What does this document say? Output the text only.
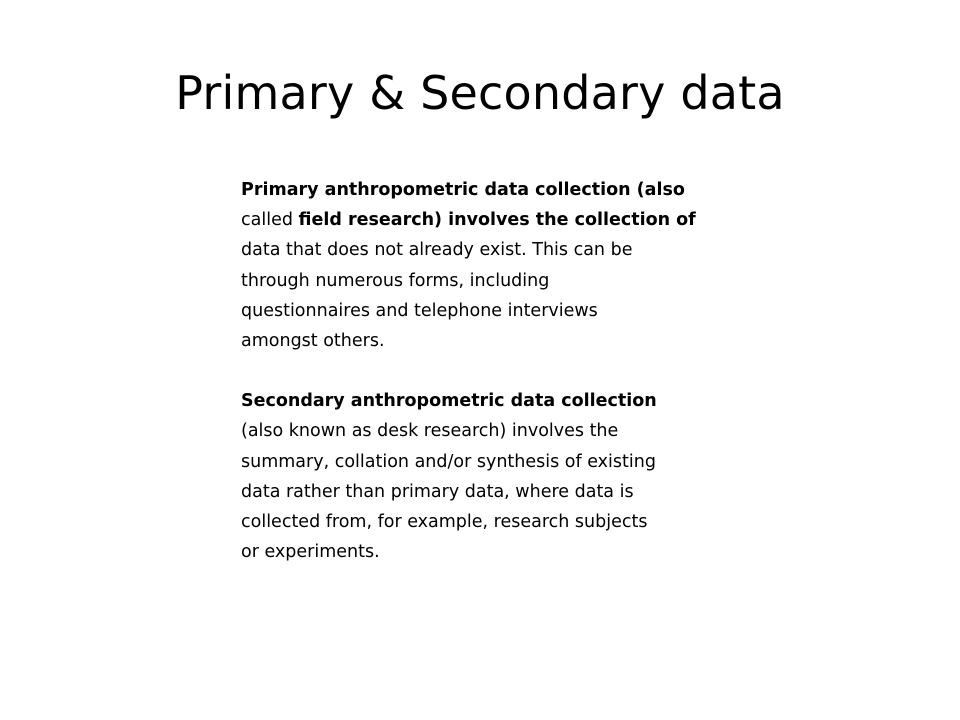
Primary & Secondary data

Primary anthropometric data collection (also
called field research) involves the collection of
data that does not already exist. This can be
through numerous forms, including
questionnaires and telephone interviews
amongst others.

Secondary anthropometric data collection
(also known as desk research) involves the
summary, collation and/or synthesis of existing
data rather than primary data, where data is
collected from, for example, research subjects
or experiments.
